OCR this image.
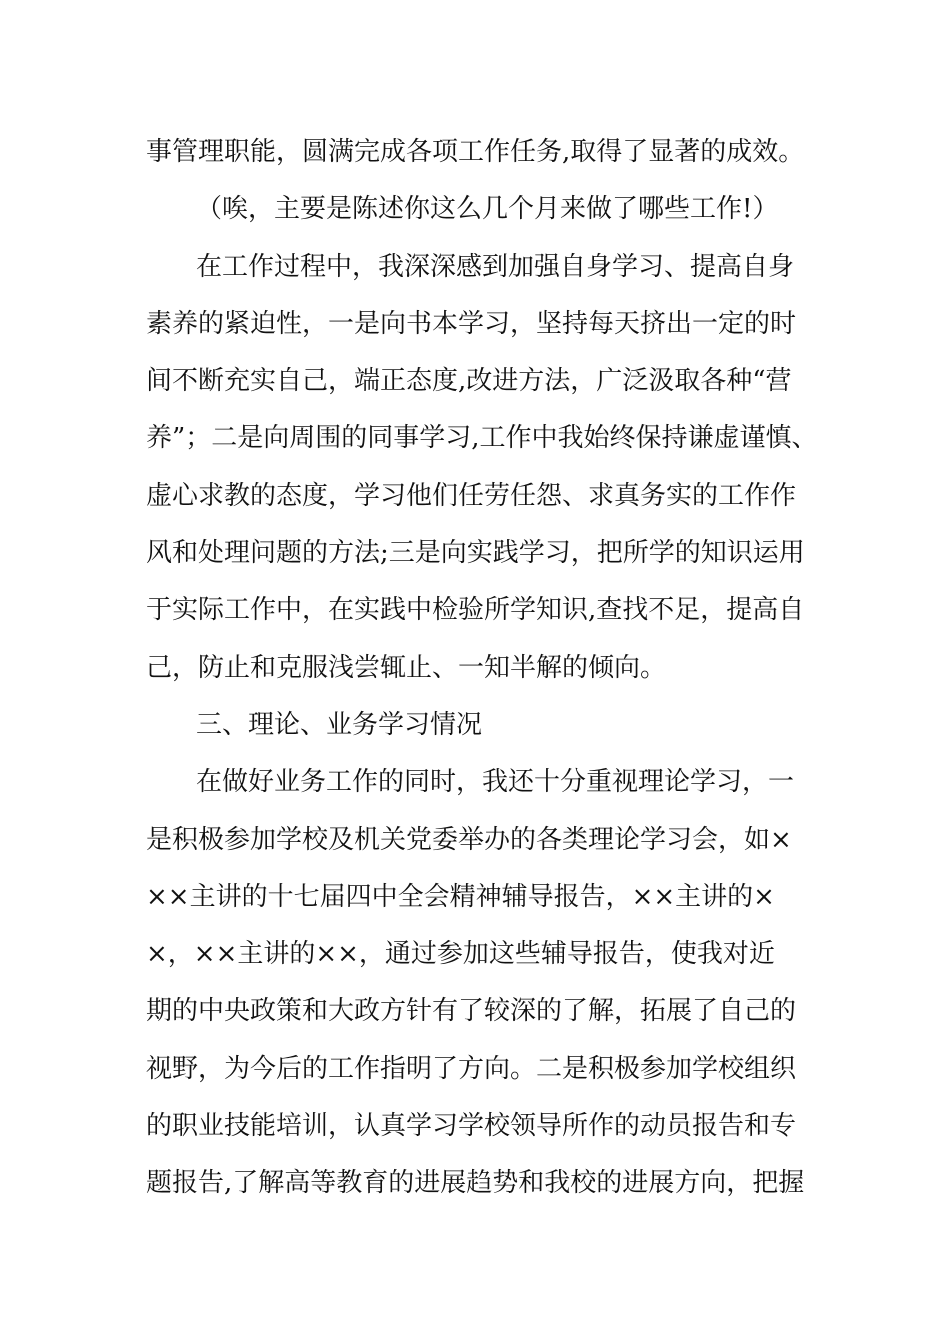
事管理职能，圆满完成各项工作任务,取得了显著的成效。
（唉，主要是陈述你这么几个月来做了哪些工作!）
在工作过程中，我深深感到加强自身学习、提高自身
素养的紧迫性，一是向书本学习，坚持每天挤出一定的时
间不断充实自己，端正态度,改进方法，广泛汲取各种“营
养”；二是向周围的同事学习,工作中我始终保持谦虚谨慎、
虚心求教的态度，学习他们任劳任怨、求真务实的工作作
风和处理问题的方法;三是向实践学习，把所学的知识运用
于实际工作中，在实践中检验所学知识,查找不足，提高自
己，防止和克服浅尝辄止、一知半解的倾向。
三、理论、业务学习情况
在做好业务工作的同时，我还十分重视理论学习，一
是积极参加学校及机关党委举办的各类理论学习会，如×
××主讲的十七届四中全会精神辅导报告，××主讲的×
×，××主讲的××，通过参加这些辅导报告，使我对近
期的中央政策和大政方针有了较深的了解，拓展了自己的
视野，为今后的工作指明了方向。二是积极参加学校组织
的职业技能培训，认真学习学校领导所作的动员报告和专
题报告,了解高等教育的进展趋势和我校的进展方向，把握
